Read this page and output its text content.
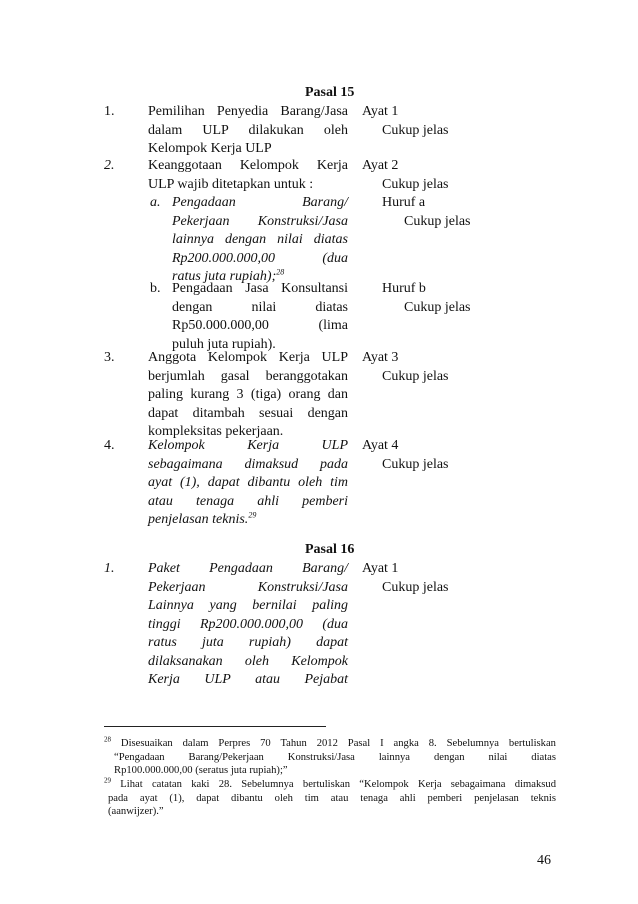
Pasal 15
1. Pemilihan Penyedia Barang/Jasa

dalam ULP dilakukan oleh

Kelompok Kerja ULP

Ayat 1
Cukup jelas
2. Keanggotaan Kelompok Kerja

ULP wajib ditetapkan untuk :

Ayat 2
Cukup jelas
a. Pengadaan Barang/

Pekerjaan Konstruksi/Jasa

lainnya dengan nilai diatas

Rp200.000.000,00 (dua

ratus juta rupiah);$^{28}$

Huruf a
Cukup jelas
b. Pengadaan Jasa Konsultansi

dengan nilai diatas

Rp50.000.000,00 (lima

puluh juta rupiah).

Huruf b
Cukup jelas
3. Anggota Kelompok Kerja ULP

berjumlah gasal beranggotakan

paling kurang 3 (tiga) orang dan

dapat ditambah sesuai dengan

kompleksitas pekerjaan.

Ayat 3
Cukup jelas
4. Kelompok Kerja ULP

sebagaimana dimaksud pada

ayat (1), dapat dibantu oleh tim

atau tenaga ahli pemberi

penjelasan teknis.$^{29}$

Ayat 4
Cukup jelas
Pasal 16
1. Paket Pengadaan Barang/

Pekerjaan Konstruksi/Jasa

Lainnya yang bernilai paling

tinggi Rp200.000.000,00 (dua

ratus juta rupiah) dapat

dilaksanakan oleh Kelompok

Kerja ULP atau Pejabat

Ayat 1
Cukup jelas

$^{28}$ Disesuaikan dalam Perpres 70 Tahun 2012 Pasal I angka 8. Sebelumnya bertuliskan

“Pengadaan Barang/Pekerjaan Konstruksi/Jasa lainnya dengan nilai diatas

Rp100.000.000,00 (seratus juta rupiah);”

$^{29}$ Lihat catatan kaki 28. Sebelumnya bertuliskan “Kelompok Kerja sebagaimana dimaksud

pada ayat (1), dapat dibantu oleh tim atau tenaga ahli pemberi penjelasan teknis

(aanwijzer).”

46
